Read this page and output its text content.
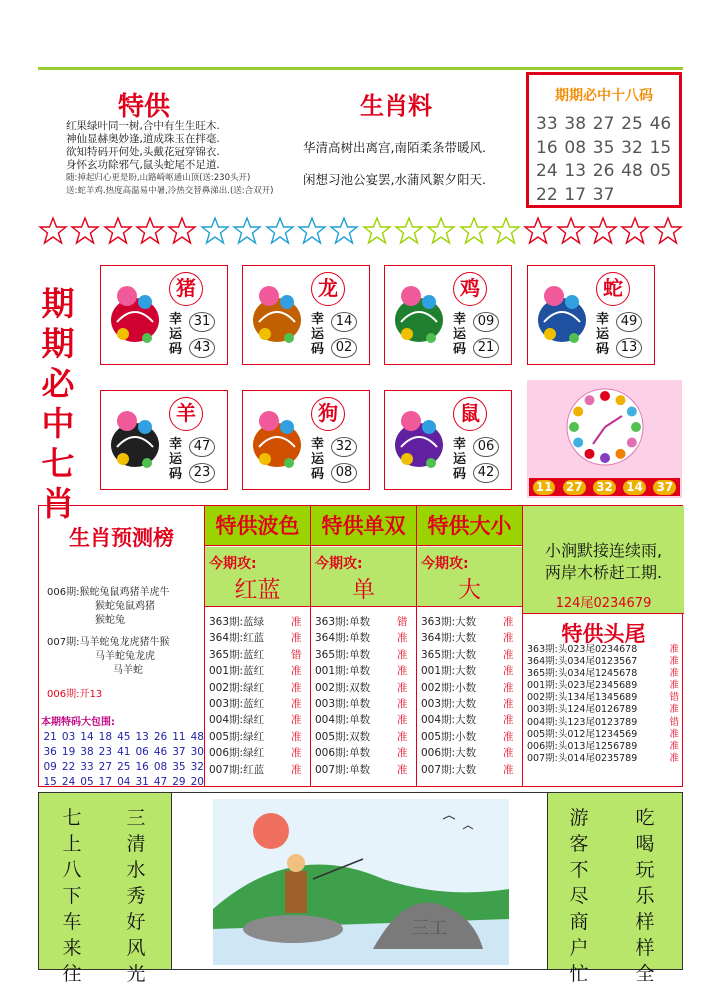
特供
红果绿叶同一树,合中有生生旺木.
神仙显赫奥妙逢,道成珠玉在拌毫.
欲知特码开何处,头戴花冠穿锦衣.
身怀玄功除邪气,鼠头蛇尾不足道.
随:掉起归心更是盼,山路崎岖通山顶(送:230头开)
送:蛇羊鸡.热度高温易中暑,冷热交替鼻涕出.(送:合双开)
生肖料
华清高树出离宫,南陌柔条带暖风.
闲想习池公宴罢,水蒲风絮夕阳天.
期期必中十八码
33 38 27 25 46
16 08 35 32 15
24 13 26 48 05
22 17 37
期
期
必
中
七
肖
猪
幸运码
31
43
龙
幸运码
14
02
鸡
幸运码
09
21
蛇
幸运码
49
13
羊
幸运码
47
23
狗
幸运码
32
08
鼠
幸运码
06
42
11 27 32 14 37
生肖预测榜
006期:猴蛇兔鼠鸡猪羊虎牛
猴蛇兔鼠鸡猪
猴蛇兔
007期:马羊蛇兔龙虎猪牛猴
马羊蛇兔龙虎
马羊蛇
006期:开13
本期特码大包围:
21 03 14 18 45 13 26 11 48
36 19 38 23 41 06 46 37 30
09 22 33 27 25 16 08 35 32
15 24 05 17 04 31 47 29 20
特供波色
今期攻:
红蓝
363期:蓝绿	准
364期:红蓝	准
365期:蓝红	错
001期:蓝红	准
002期:绿红	准
003期:蓝红	准
004期:绿红	准
005期:绿红	准
006期:绿红	准
007期:红蓝	准
特供单双
今期攻:
单
363期:单数	错
364期:单数	准
365期:单数	准
001期:单数	准
002期:双数	准
003期:单数	准
004期:单数	准
005期:双数	准
006期:单数	准
007期:单数	准
特供大小
今期攻:
大
363期:大数	准
364期:大数	准
365期:大数	准
001期:大数	准
002期:小数	准
003期:大数	准
004期:大数	准
005期:小数	准
006期:大数	准
007期:大数	准
小涧默接连续雨,
两岸木桥赶工期.
124尾0234679
特供头尾
363期:头023尾0234678	准
364期:头034尾0123567	准
365期:头034尾1245678	准
001期:头023尾2345689	准
002期:头134尾1345689	错
003期:头124尾0126789	准
004期:头123尾0123789	错
005期:头012尾1234569	准
006期:头013尾1256789	准
007期:头014尾0235789	准
七
上
八
下
车
来
往
三
清
水
秀
好
风
光
三工
游
客
不
尽
商
户
忙
吃
喝
玩
乐
样
样
全
